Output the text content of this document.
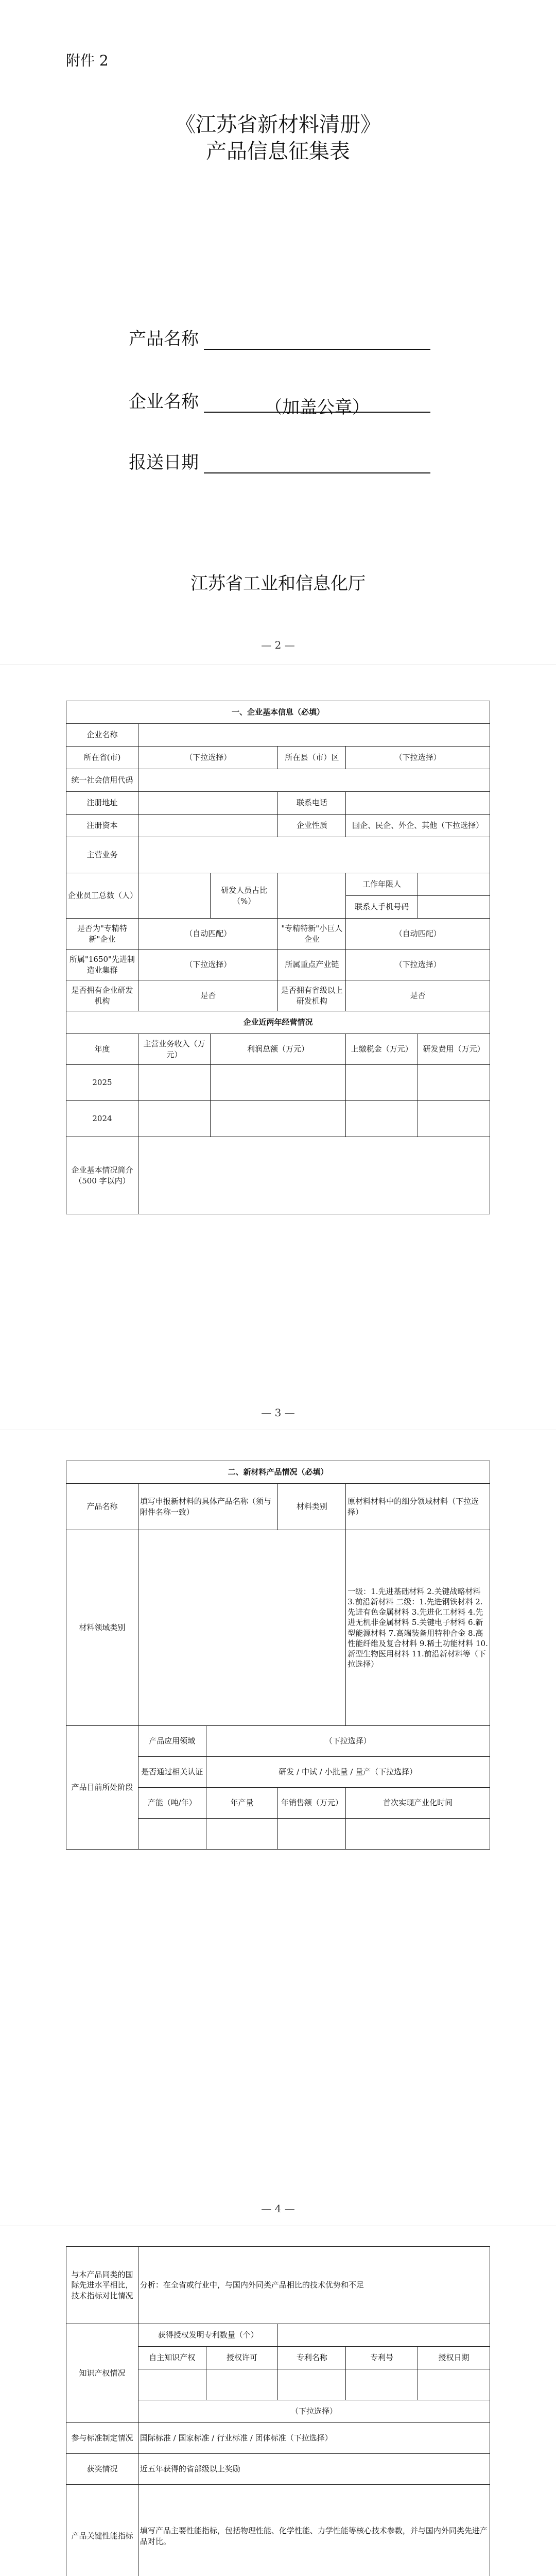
附件 2
《江苏省新材料清册》
产品信息征集表
产品名称
企业名称	（加盖公章）
报送日期
江苏省工业和信息化厅
— 2 —
一、企业基本信息（必填）					
企业名称					
所在省(市)	（下拉选择）		所在县（市）区	（下拉选择）	
统一社会信用代码					
注册地址			联系电话		
注册资本			企业性质	国企、民企、外企、其他（下拉选择）	
主营业务					
企业员工总数（人）		研发人员占比（%）		工作年限人	
				联系人手机号码	
是否为"专精特新"企业	（自动匹配）		"专精特新"小巨人企业	（自动匹配）	
所属"1650"先进制造业集群	（下拉选择）		所属重点产业链	（下拉选择）	
是否拥有企业研发机构	是否		是否拥有省级以上研发机构	是否	
企业近两年经营情况					
年度	主营业务收入（万元）	利润总额（万元）		上缴税金（万元）	研发费用（万元）
2025					
2024					
企业基本情况简介（500 字以内）					
— 3 —
二、新材料产品情况（必填）				
产品名称	填写申报新材料的具体产品名称（须与附件名称一致）		材料类别	原材料材料中的细分领域材料（下拉选择）
材料领域类别				一级：1.先进基础材料 2.关键战略材料 3.前沿新材料 二级：1.先进钢铁材料 2.先进有色金属材料 3.先进化工材料 4.先进无机非金属材料 5.关键电子材料 6.新型能源材料 7.高端装备用特种合金 8.高性能纤维及复合材料 9.稀土功能材料 10.新型生物医用材料 11.前沿新材料等（下拉选择）
产品目前所处阶段	产品应用领域	（下拉选择）		
	是否通过相关认证	研发 / 中试 / 小批量 / 量产（下拉选择）		
	产能（吨/年）	年产量	年销售额（万元）	首次实现产业化时间

— 4 —
与本产品同类的国际先进水平相比，技术指标对比情况	分析：在全省或行业中，与国内外同类产品相比的技术优势和不足				
知识产权情况	获得授权发明专利数量（个）				
	自主知识产权	授权许可	专利名称	专利号	授权日期

	（下拉选择）				
参与标准制定情况	国际标准 / 国家标准 / 行业标准 / 团体标准（下拉选择）				
获奖情况	近五年获得的省部级以上奖励				
产品关键性能指标	填写产品主要性能指标，包括物理性能、化学性能、力学性能等核心技术参数，并与国内外同类先进产品对比。				
